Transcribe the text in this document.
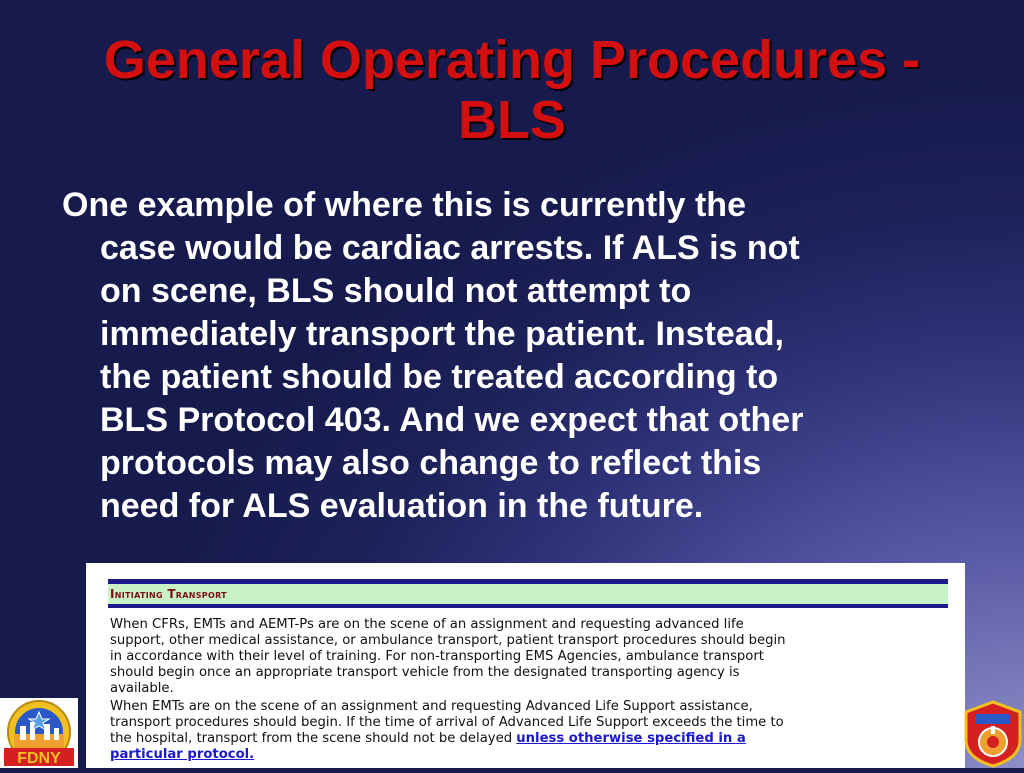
General Operating Procedures -
BLS
One example of where this is currently the
case would be cardiac arrests. If ALS is not
on scene, BLS should not attempt to
immediately transport the patient. Instead,
the patient should be treated according to
BLS Protocol 403. And we expect that other
protocols may also change to reflect this
need for ALS evaluation in the future.
Initiating Transport
When CFRs, EMTs and AEMT-Ps are on the scene of an assignment and requesting advanced life
support, other medical assistance, or ambulance transport, patient transport procedures should begin
in accordance with their level of training. For non-transporting EMS Agencies, ambulance transport
should begin once an appropriate transport vehicle from the designated transporting agency is
available.
When EMTs are on the scene of an assignment and requesting Advanced Life Support assistance,
transport procedures should begin. If the time of arrival of Advanced Life Support exceeds the time to
the hospital, transport from the scene should not be delayed unless otherwise specified in a
particular protocol.
FDNY
